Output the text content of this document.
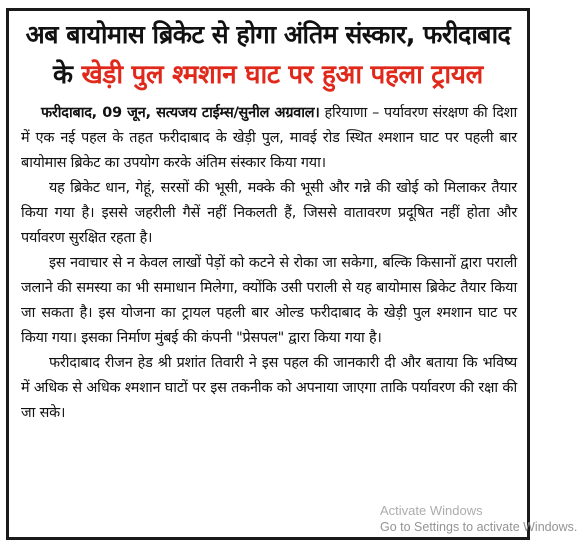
अब बायोमास ब्रिकेट से होगा अंतिम संस्कार, फरीदाबाद
के खेड़ी पुल श्मशान घाट पर हुआ पहला ट्रायल

फरीदाबाद, 09 जून, सत्यजय टाईम्स/सुनील अग्रवाल। हरियाणा – पर्यावरण संरक्षण की दिशा में एक नई पहल के तहत फरीदाबाद के खेड़ी पुल, मावई रोड स्थित श्मशान घाट पर पहली बार बायोमास ब्रिकेट का उपयोग करके अंतिम संस्कार किया गया।

यह ब्रिकेट धान, गेहूं, सरसों की भूसी, मक्के की भूसी और गन्ने की खोई को मिलाकर तैयार किया गया है। इससे जहरीली गैसें नहीं निकलती हैं, जिससे वातावरण प्रदूषित नहीं होता और पर्यावरण सुरक्षित रहता है।

इस नवाचार से न केवल लाखों पेड़ों को कटने से रोका जा सकेगा, बल्कि किसानों द्वारा पराली जलाने की समस्या का भी समाधान मिलेगा, क्योंकि उसी पराली से यह बायोमास ब्रिकेट तैयार किया जा सकता है। इस योजना का ट्रायल पहली बार ओल्ड फरीदाबाद के खेड़ी पुल श्मशान घाट पर किया गया। इसका निर्माण मुंबई की कंपनी "प्रेसपल" द्वारा किया गया है।

फरीदाबाद रीजन हेड श्री प्रशांत तिवारी ने इस पहल की जानकारी दी और बताया कि भविष्य में अधिक से अधिक श्मशान घाटों पर इस तकनीक को अपनाया जाएगा ताकि पर्यावरण की रक्षा की जा सके।

Activate Windows
Go to Settings to activate Windows.
